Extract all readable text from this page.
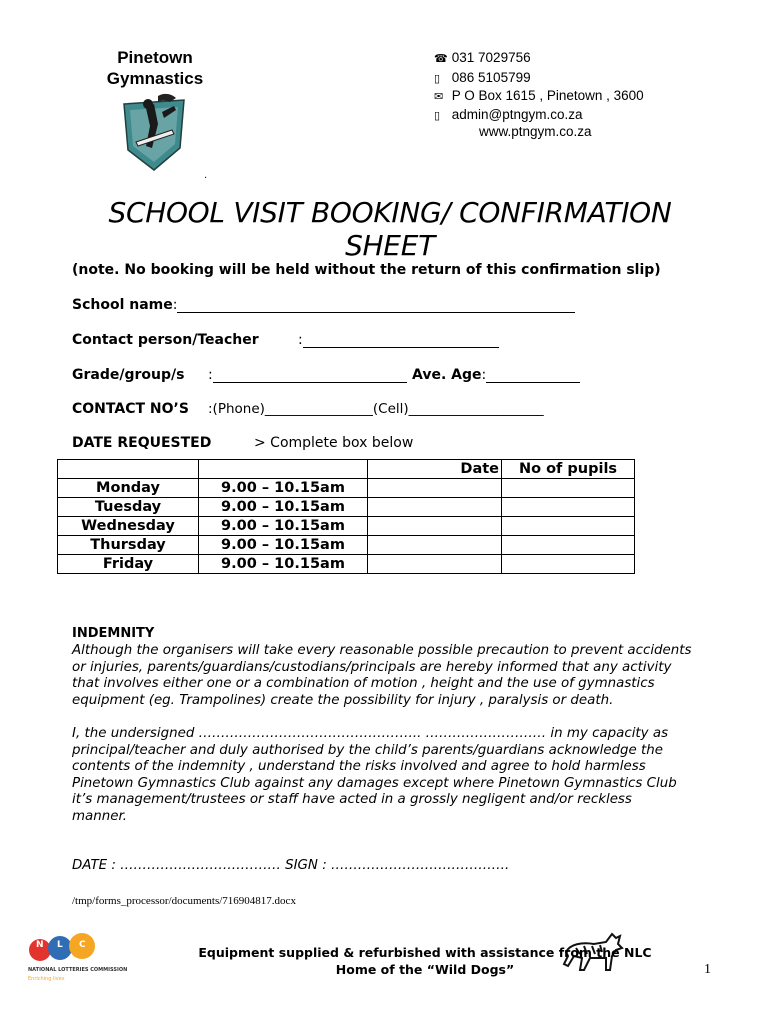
Pinetown
Gymnastics
.
☎ 031 7029756
▯ 086 5105799
✉ P O Box 1615 , Pinetown , 3600
▯ admin@ptngym.co.za
www.ptngym.co.za
SCHOOL VISIT BOOKING/ CONFIRMATION
SHEET
(note. No booking will be held without the return of this confirmation slip)
School name:
Contact person/Teacher	:
Grade/group/s :	Ave. Age:
CONTACT NO’S :(Phone)________________(Cell)____________________
DATE REQUESTED	> Complete box below
		Date	No of pupils
Monday	9.00 – 10.15am		
Tuesday	9.00 – 10.15am		
Wednesday	9.00 – 10.15am		
Thursday	9.00 – 10.15am		
Friday	9.00 – 10.15am		
INDEMNITY
Although the organisers will take every reasonable possible precaution to prevent accidents
or injuries, parents/guardians/custodians/principals are hereby informed that any activity
that involves either one or a combination of motion , height and the use of gymnastics
equipment (eg. Trampolines) create the possibility for injury , paralysis or death.
I, the undersigned ………………………………………….. ……………………… in my capacity as
principal/teacher and duly authorised by the child’s parents/guardians acknowledge the
contents of the indemnity , understand the risks involved and agree to hold harmless
Pinetown Gymnastics Club against any damages except where Pinetown Gymnastics Club
it’s management/trustees or staff have acted in a grossly negligent and/or reckless
manner.
DATE : ……………………………… SIGN : ………………………………….
/tmp/forms_processor/documents/716904817.docx
N L C
NATIONAL LOTTERIES COMMISSION
Enriching lives
Equipment supplied & refurbished with assistance from the NLC
Home of the “Wild Dogs”	1
